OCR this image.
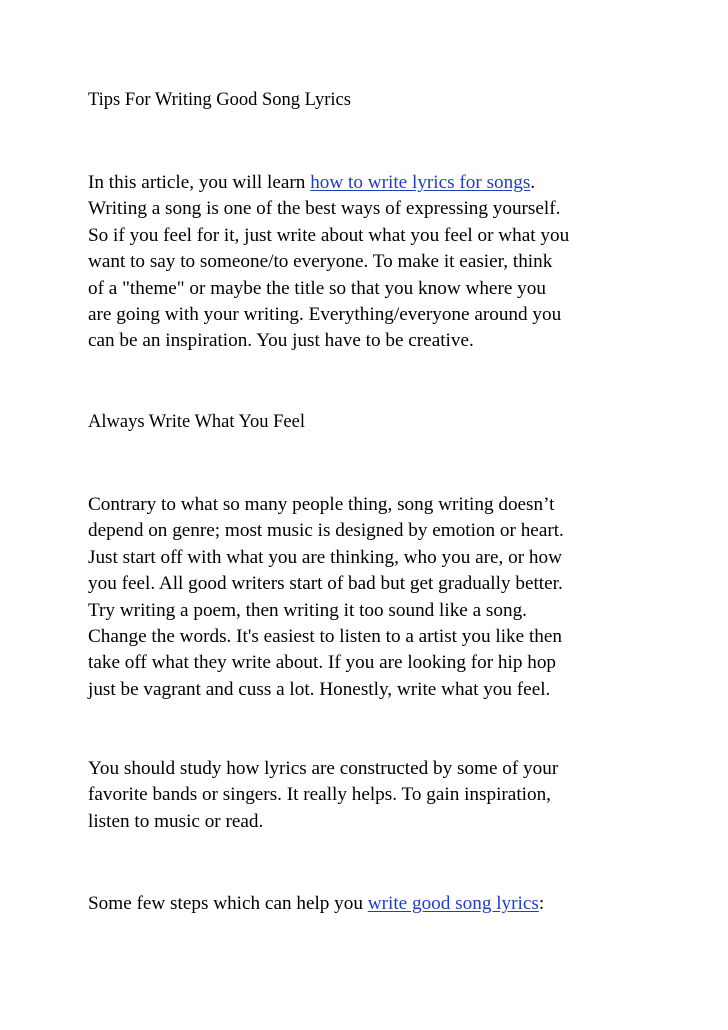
Tips For Writing Good Song Lyrics

In this article, you will learn how to write lyrics for songs.
Writing a song is one of the best ways of expressing yourself.
So if you feel for it, just write about what you feel or what you
want to say to someone/to everyone. To make it easier, think
of a "theme" or maybe the title so that you know where you
are going with your writing. Everything/everyone around you
can be an inspiration. You just have to be creative.

Always Write What You Feel

Contrary to what so many people thing, song writing doesn’t
depend on genre; most music is designed by emotion or heart.
Just start off with what you are thinking, who you are, or how
you feel. All good writers start of bad but get gradually better.
Try writing a poem, then writing it too sound like a song.
Change the words. It's easiest to listen to a artist you like then
take off what they write about. If you are looking for hip hop
just be vagrant and cuss a lot. Honestly, write what you feel.

You should study how lyrics are constructed by some of your
favorite bands or singers. It really helps. To gain inspiration,
listen to music or read.

Some few steps which can help you write good song lyrics:
